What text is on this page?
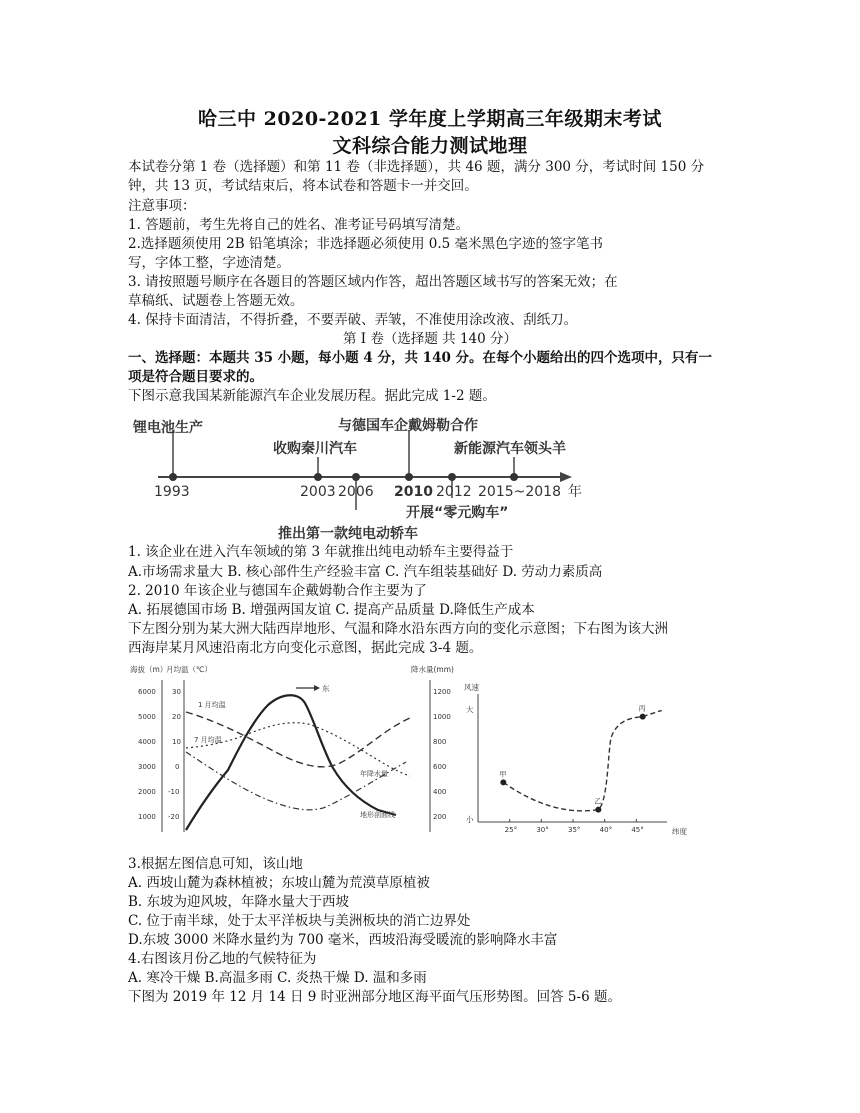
哈三中 2020-2021 学年度上学期高三年级期末考试
文科综合能力测试地理
本试卷分第 1 卷（选择题）和第 11 卷（非选择题），共 46 题，满分 300 分，考试时间 150 分
钟，共 13 页，考试结束后，将本试卷和答题卡一并交回。
注意事项：
1. 答题前，考生先将自己的姓名、准考证号码填写清楚。
2.选择题须使用 2B 铅笔填涂；非选择题必须使用 0.5 毫米黑色字迹的签字笔书
写，字体工整，字迹清楚。
3. 请按照题号顺序在各题目的答题区域内作答，超出答题区域书写的答案无效；在
草稿纸、试题卷上答题无效。
4. 保持卡面清洁，不得折叠，不要弄破、弄皱，不准使用涂改液、刮纸刀。
第 I 卷（选择题 共 140 分）
一、选择题：本题共 35 小题，每小题 4 分，共 140 分。在每个小题给出的四个选项中，只有一
项是符合题目要求的。
下图示意我国某新能源汽车企业发展历程。据此完成 1-2 题。
锂电池生产
收购秦川汽车
与德国车企戴姆勒合作
新能源汽车领头羊
1993	2003 2006 2010 2012 2015~2018 年
开展“零元购车”
推出第一款纯电动轿车
1. 该企业在进入汽车领域的第 3 年就推出纯电动轿车主要得益于
A.市场需求量大 B. 核心部件生产经验丰富 C. 汽车组装基础好 D. 劳动力素质高
2. 2010 年该企业与德国车企戴姆勒合作主要为了
A. 拓展德国市场 B. 增强两国友谊 C. 提高产品质量 D.降低生产成本
下左图分别为某大洲大陆西岸地形、气温和降水沿东西方向的变化示意图；下右图为该大洲
西海岸某月风速沿南北方向变化示意图，据此完成 3-4 题。
海拔（m）
月均温（℃）	降水量(mm)
6000
5000
4000
3000
2000
1000
30
20
10
0
-10
-20
1200
1000
800
600
400
200
东
1 月均温
7 月均温
年降水量
地形剖面线
风速
大
小
25°	30°	35°	40°	45°	纬度
甲
乙
丙
3.根据左图信息可知，该山地
A. 西坡山麓为森林植被；东坡山麓为荒漠草原植被
B. 东坡为迎风坡，年降水量大于西坡
C. 位于南半球，处于太平洋板块与美洲板块的消亡边界处
D.东坡 3000 米降水量约为 700 毫米，西坡沿海受暖流的影响降水丰富
4.右图该月份乙地的气候特征为
A. 寒冷干燥 B.高温多雨 C. 炎热干燥 D. 温和多雨
下图为 2019 年 12 月 14 日 9 时亚洲部分地区海平面气压形势图。回答 5-6 题。
